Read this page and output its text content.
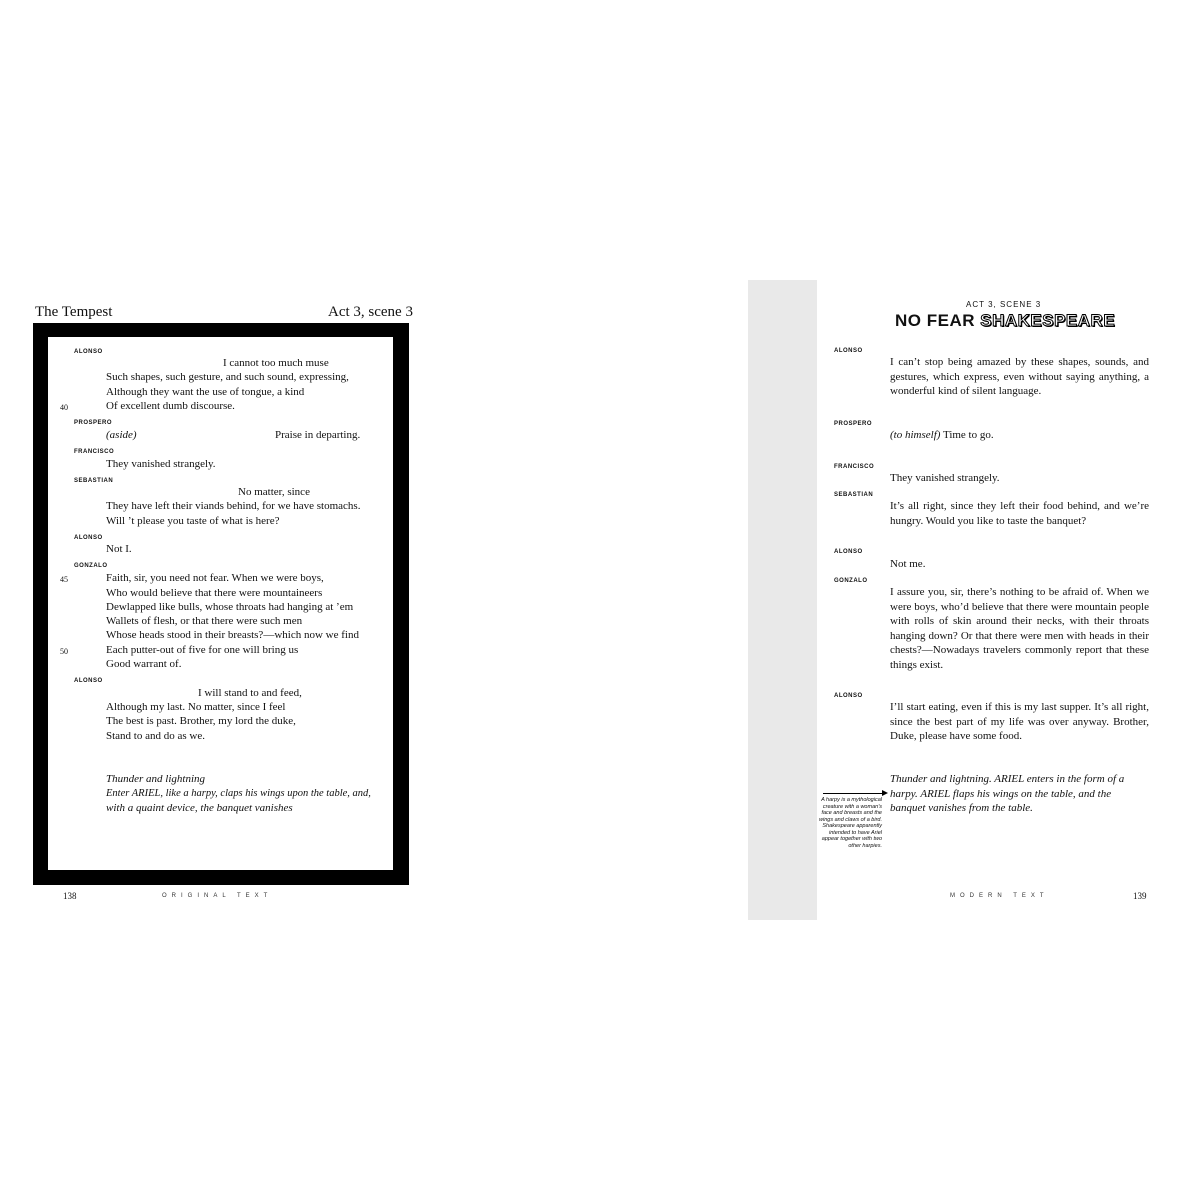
The Tempest	Act 3, scene 3
ALONSO
I cannot too much muse
Such shapes, such gesture, and such sound, expressing,
Although they want the use of tongue, a kind
40	Of excellent dumb discourse.
PROSPERO
(aside)	Praise in departing.
FRANCISCO
They vanished strangely.
SEBASTIAN
No matter, since
They have left their viands behind, for we have stomachs.
Will ’t please you taste of what is here?
ALONSO
Not I.
GONZALO
45	Faith, sir, you need not fear. When we were boys,
Who would believe that there were mountaineers
Dewlapped like bulls, whose throats had hanging at ’em
Wallets of flesh, or that there were such men
Whose heads stood in their breasts?—which now we find
50	Each putter-out of five for one will bring us
Good warrant of.
ALONSO
I will stand to and feed,
Although my last. No matter, since I feel
The best is past. Brother, my lord the duke,
Stand to and do as we.
Thunder and lightning
Enter ARIEL, like a harpy, claps his wings upon the table, and,
with a quaint device, the banquet vanishes
138	ORIGINAL TEXT
ACT 3, SCENE 3
NO FEAR SHAKESPEARE
ALONSO
I can’t stop being amazed by these shapes, sounds, and gestures, which express, even without saying anything, a wonderful kind of silent language.
PROSPERO
(to himself) Time to go.
FRANCISCO
They vanished strangely.
SEBASTIAN
It’s all right, since they left their food behind, and we’re hungry. Would you like to taste the banquet?
ALONSO
Not me.
GONZALO
I assure you, sir, there’s nothing to be afraid of. When we were boys, who’d believe that there were mountain people with rolls of skin around their necks, with their throats hanging down? Or that there were men with heads in their chests?—Nowadays travelers commonly report that these things exist.
ALONSO
I’ll start eating, even if this is my last supper. It’s all right, since the best part of my life was over anyway. Brother, Duke, please have some food.
Thunder and lightning. ARIEL enters in the form of a harpy. ARIEL flaps his wings on the table, and the banquet vanishes from the table.
A harpy is a mythological creature with a woman's face and breasts and the wings and claws of a bird. Shakespeare apparently intended to have Ariel appear together with two other harpies.
MODERN TEXT	139
